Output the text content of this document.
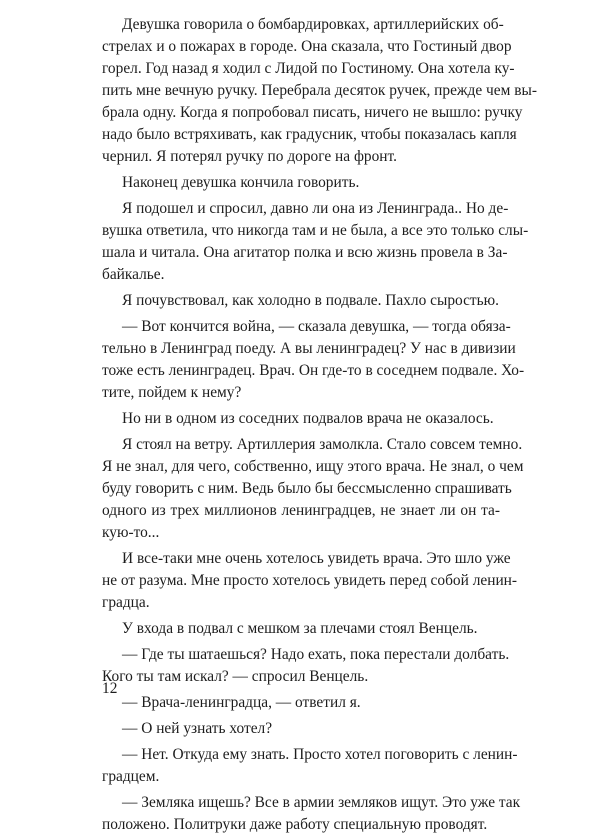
Девушка говорила о бомбардировках, артиллерийских об-
стрелах и о пожарах в городе. Она сказала, что Гостиный двор
горел. Год назад я ходил с Лидой по Гостиному. Она хотела ку-
пить мне вечную ручку. Перебрала десяток ручек, прежде чем вы-
брала одну. Когда я попробовал писать, ничего не вышло: ручку
надо было встряхивать, как градусник, чтобы показалась капля
чернил. Я потерял ручку по дороге на фронт.
Наконец девушка кончила говорить.
Я подошел и спросил, давно ли она из Ленинграда.. Но де-
вушка ответила, что никогда там и не была, а все это только слы-
шала и читала. Она агитатор полка и всю жизнь провела в За-
байкалье.
Я почувствовал, как холодно в подвале. Пахло сыростью.
— Вот кончится война, — сказала девушка, — тогда обяза-
тельно в Ленинград поеду. А вы ленинградец? У нас в дивизии
тоже есть ленинградец. Врач. Он где-то в соседнем подвале. Хо-
тите, пойдем к нему?
Но ни в одном из соседних подвалов врача не оказалось.
Я стоял на ветру. Артиллерия замолкла. Стало совсем темно.
Я не знал, для чего, собственно, ищу этого врача. Не знал, о чем
буду говорить с ним. Ведь было бы бессмысленно спрашивать
одного из трех миллионов ленинградцев, не знает ли он та-
кую-то...
И все-таки мне очень хотелось увидеть врача. Это шло уже
не от разума. Мне просто хотелось увидеть перед собой ленин-
градца.
У входа в подвал с мешком за плечами стоял Венцель.
— Где ты шатаешься? Надо ехать, пока перестали долбать.
Кого ты там искал? — спросил Венцель.
— Врача-ленинградца, — ответил я.
— О ней узнать хотел?
— Нет. Откуда ему знать. Просто хотел поговорить с ленин-
градцем.
— Земляка ищешь? Все в армии земляков ищут. Это уже так
положено. Политруки даже работу специальную проводят.
12
